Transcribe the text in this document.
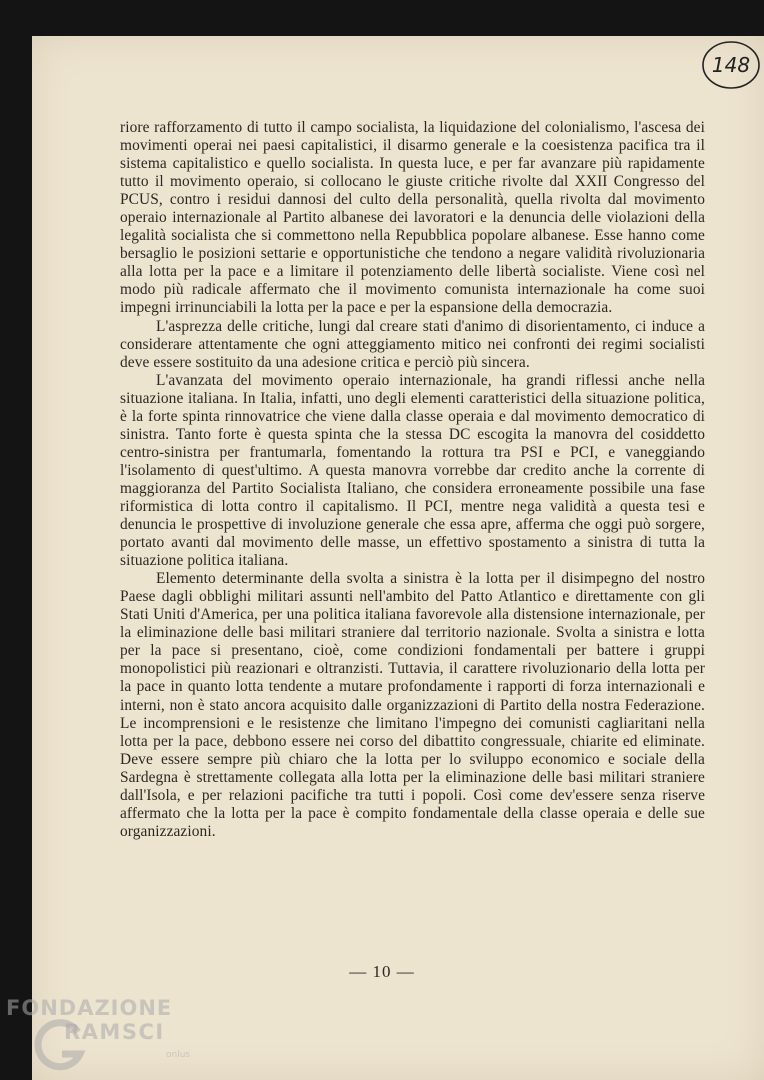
148

riore rafforzamento di tutto il campo socialista, la liquidazione del colonialismo, l'ascesa dei movimenti operai nei paesi capitalistici, il disarmo generale e la coesistenza pacifica tra il sistema capitalistico e quello socialista. In questa luce, e per far avanzare più rapidamente tutto il movimento operaio, si collocano le giuste critiche rivolte dal XXII Congresso del PCUS, contro i residui dannosi del culto della personalità, quella rivolta dal movimento operaio internazionale al Partito albanese dei lavoratori e la denuncia delle violazioni della legalità socialista che si commettono nella Repubblica popolare albanese. Esse hanno come bersaglio le posizioni settarie e opportunistiche che tendono a negare validità rivoluzionaria alla lotta per la pace e a limitare il potenziamento delle libertà socialiste. Viene così nel modo più radicale affermato che il movimento comunista internazionale ha come suoi impegni irrinunciabili la lotta per la pace e per la espansione della democrazia.

L'asprezza delle critiche, lungi dal creare stati d'animo di disorientamento, ci induce a considerare attentamente che ogni atteggiamento mitico nei confronti dei regimi socialisti deve essere sostituito da una adesione critica e perciò più sincera.

L'avanzata del movimento operaio internazionale, ha grandi riflessi anche nella situazione italiana. In Italia, infatti, uno degli elementi caratteristici della situazione politica, è la forte spinta rinnovatrice che viene dalla classe operaia e dal movimento democratico di sinistra. Tanto forte è questa spinta che la stessa DC escogita la manovra del cosiddetto centro-sinistra per frantumarla, fomentando la rottura tra PSI e PCI, e vaneggiando l'isolamento di quest'ultimo. A questa manovra vorrebbe dar credito anche la corrente di maggioranza del Partito Socialista Italiano, che considera erroneamente possibile una fase riformistica di lotta contro il capitalismo. Il PCI, mentre nega validità a questa tesi e denuncia le prospettive di involuzione generale che essa apre, afferma che oggi può sorgere, portato avanti dal movimento delle masse, un effettivo spostamento a sinistra di tutta la situazione politica italiana.

Elemento determinante della svolta a sinistra è la lotta per il disimpegno del nostro Paese dagli obblighi militari assunti nell'ambito del Patto Atlantico e direttamente con gli Stati Uniti d'America, per una politica italiana favorevole alla distensione internazionale, per la eliminazione delle basi militari straniere dal territorio nazionale. Svolta a sinistra e lotta per la pace si presentano, cioè, come condizioni fondamentali per battere i gruppi monopolistici più reazionari e oltranzisti. Tuttavia, il carattere rivoluzionario della lotta per la pace in quanto lotta tendente a mutare profondamente i rapporti di forza internazionali e interni, non è stato ancora acquisito dalle organizzazioni di Partito della nostra Federazione. Le incomprensioni e le resistenze che limitano l'impegno dei comunisti cagliaritani nella lotta per la pace, debbono essere nei corso del dibattito congressuale, chiarite ed eliminate. Deve essere sempre più chiaro che la lotta per lo sviluppo economico e sociale della Sardegna è strettamente collegata alla lotta per la eliminazione delle basi militari straniere dall'Isola, e per relazioni pacifiche tra tutti i popoli. Così come dev'essere senza riserve affermato che la lotta per la pace è compito fondamentale della classe operaia e delle sue organizzazioni.

— 10 —
FONDAZIONE
RAMSCI
onlus
